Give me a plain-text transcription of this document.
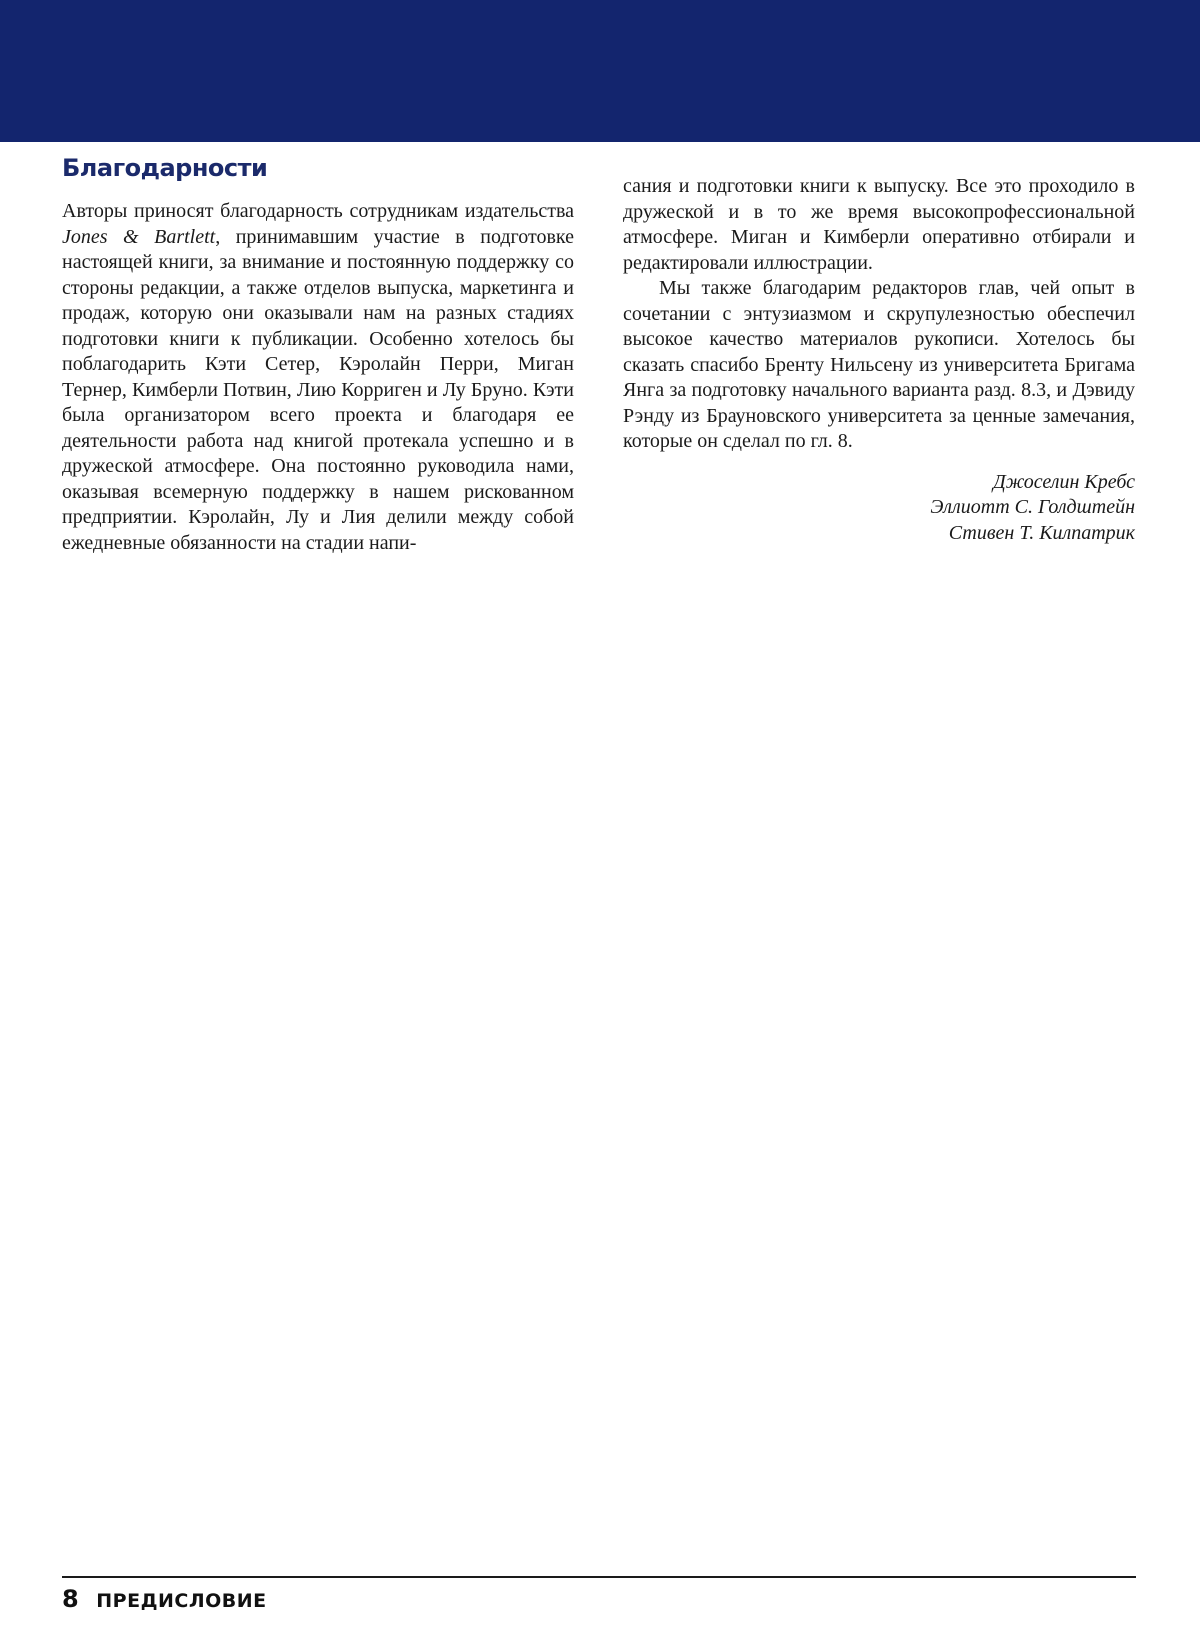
Благодарности

Авторы приносят благодарность сотрудникам издательства Jones & Bartlett, принимавшим участие в подготовке настоящей книги, за внимание и постоянную поддержку со стороны редакции, а также отделов выпуска, маркетинга и продаж, которую они оказывали нам на разных стадиях подготовки книги к публикации. Особенно хотелось бы поблагодарить Кэти Сетер, Кэролайн Перри, Миган Тернер, Кимберли Потвин, Лию Корриген и Лу Бруно. Кэти была организатором всего проекта и благодаря ее деятельности работа над книгой протекала успешно и в дружеской атмосфере. Она постоянно руководила нами, оказывая всемерную поддержку в нашем рискованном предприятии. Кэролайн, Лу и Лия делили между собой ежедневные обязанности на стадии напи-

сания и подготовки книги к выпуску. Все это проходило в дружеской и в то же время высокопрофессиональной атмосфере. Миган и Кимберли оперативно отбирали и редактировали иллюстрации.

Мы также благодарим редакторов глав, чей опыт в сочетании с энтузиазмом и скрупулезностью обеспечил высокое качество материалов рукописи. Хотелось бы сказать спасибо Бренту Нильсену из университета Бригама Янга за подготовку начального варианта разд. 8.3, и Дэвиду Рэнду из Брауновского университета за ценные замечания, которые он сделал по гл. 8.

Джоселин Кребс
Эллиотт С. Голдштейн
Стивен Т. Килпатрик
8 ПРЕДИСЛОВИЕ
